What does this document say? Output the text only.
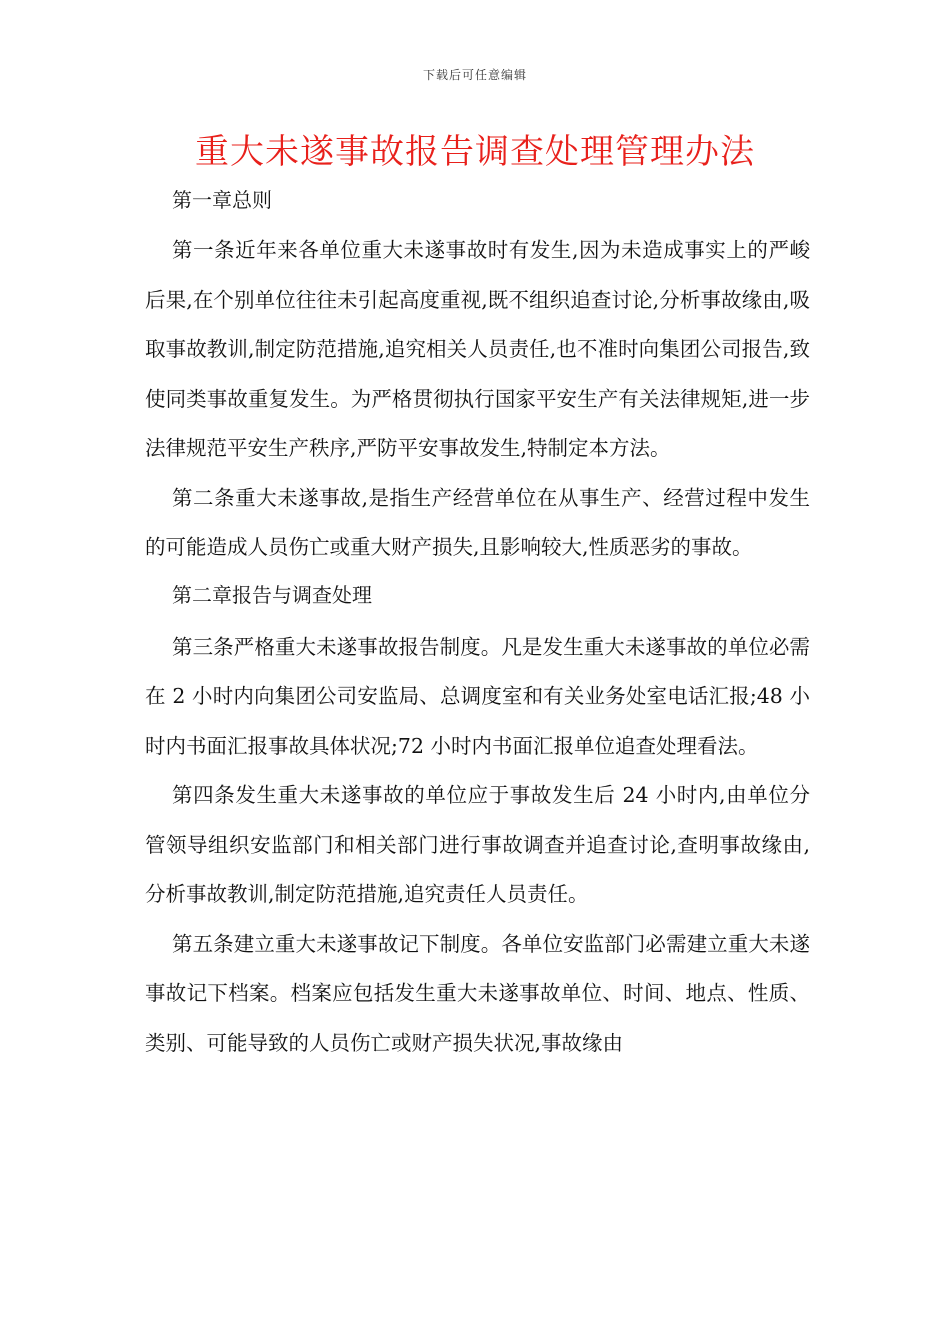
下载后可任意编辑
重大未遂事故报告调查处理管理办法

第一章总则

第一条近年来各单位重大未遂事故时有发生,因为未造成事实上的严峻后果,在个别单位往往未引起高度重视,既不组织追查讨论,分析事故缘由,吸取事故教训,制定防范措施,追究相关人员责任,也不准时向集团公司报告,致使同类事故重复发生。为严格贯彻执行国家平安生产有关法律规矩,进一步法律规范平安生产秩序,严防平安事故发生,特制定本方法。

第二条重大未遂事故,是指生产经营单位在从事生产、经营过程中发生的可能造成人员伤亡或重大财产损失,且影响较大,性质恶劣的事故。

第二章报告与调查处理

第三条严格重大未遂事故报告制度。凡是发生重大未遂事故的单位必需在 2 小时内向集团公司安监局、总调度室和有关业务处室电话汇报;48 小时内书面汇报事故具体状况;72 小时内书面汇报单位追查处理看法。

第四条发生重大未遂事故的单位应于事故发生后 24 小时内,由单位分管领导组织安监部门和相关部门进行事故调查并追查讨论,查明事故缘由,分析事故教训,制定防范措施,追究责任人员责任。

第五条建立重大未遂事故记下制度。各单位安监部门必需建立重大未遂事故记下档案。档案应包括发生重大未遂事故单位、时间、地点、性质、类别、可能导致的人员伤亡或财产损失状况,事故缘由
